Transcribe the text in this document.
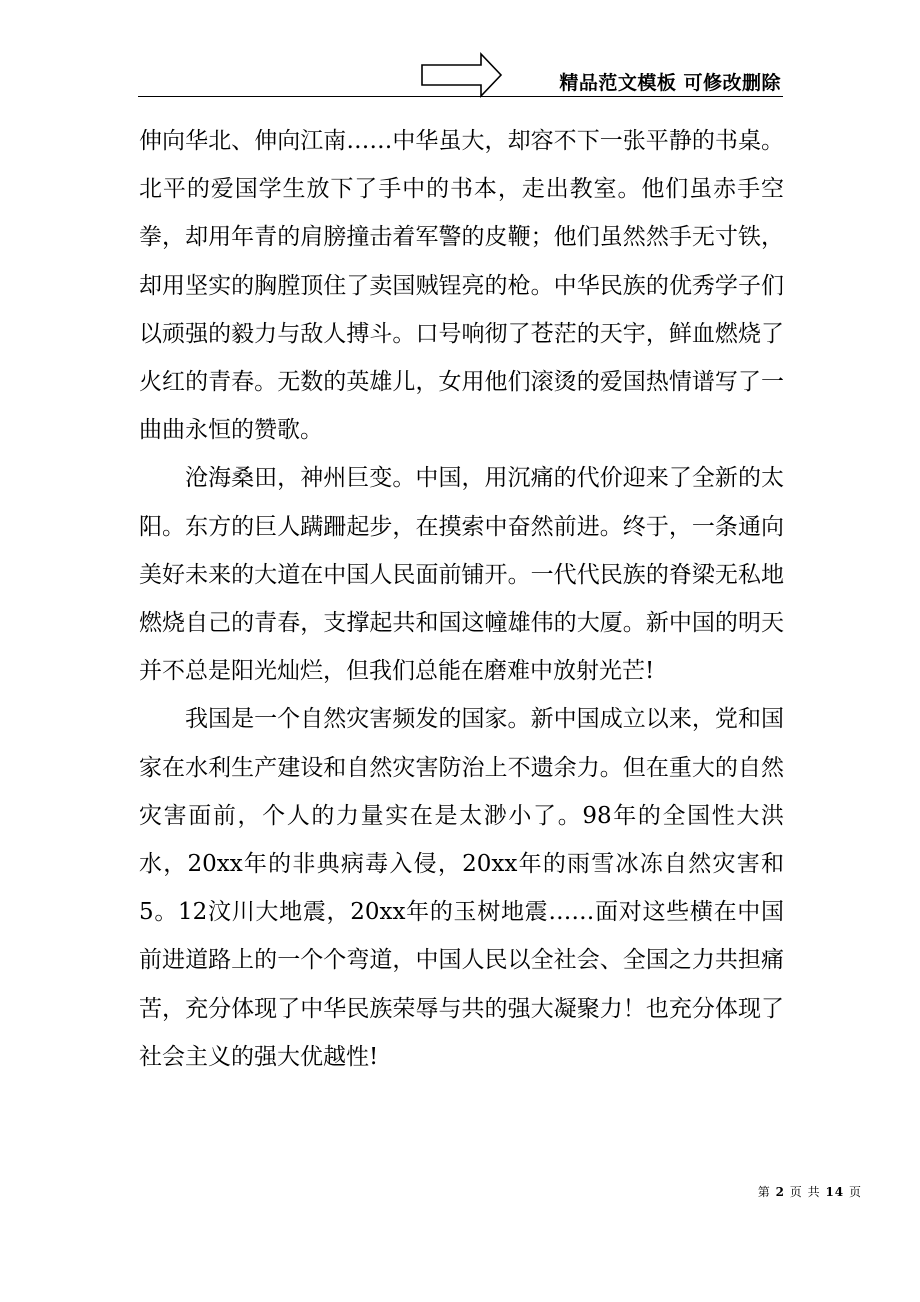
精品范文模板 可修改删除

伸向华北、伸向江南……中华虽大，却容不下一张平静的书桌。北平的爱国学生放下了手中的书本，走出教室。他们虽赤手空拳，却用年青的肩膀撞击着军警的皮鞭；他们虽然然手无寸铁，却用坚实的胸膛顶住了卖国贼锃亮的枪。中华民族的优秀学子们以顽强的毅力与敌人搏斗。口号响彻了苍茫的天宇，鲜血燃烧了火红的青春。无数的英雄儿，女用他们滚烫的爱国热情谱写了一曲曲永恒的赞歌。

沧海桑田，神州巨变。中国，用沉痛的代价迎来了全新的太阳。东方的巨人蹒跚起步，在摸索中奋然前进。终于，一条通向美好未来的大道在中国人民面前铺开。一代代民族的脊梁无私地燃烧自己的青春，支撑起共和国这幢雄伟的大厦。新中国的明天并不总是阳光灿烂，但我们总能在磨难中放射光芒!

我国是一个自然灾害频发的国家。新中国成立以来，党和国家在水利生产建设和自然灾害防治上不遗余力。但在重大的自然灾害面前，个人的力量实在是太渺小了。98年的全国性大洪水，20xx年的非典病毒入侵，20xx年的雨雪冰冻自然灾害和5。12汶川大地震，20xx年的玉树地震……面对这些横在中国前进道路上的一个个弯道，中国人民以全社会、全国之力共担痛苦，充分体现了中华民族荣辱与共的强大凝聚力！也充分体现了社会主义的强大优越性!

第 2 页 共 14 页
